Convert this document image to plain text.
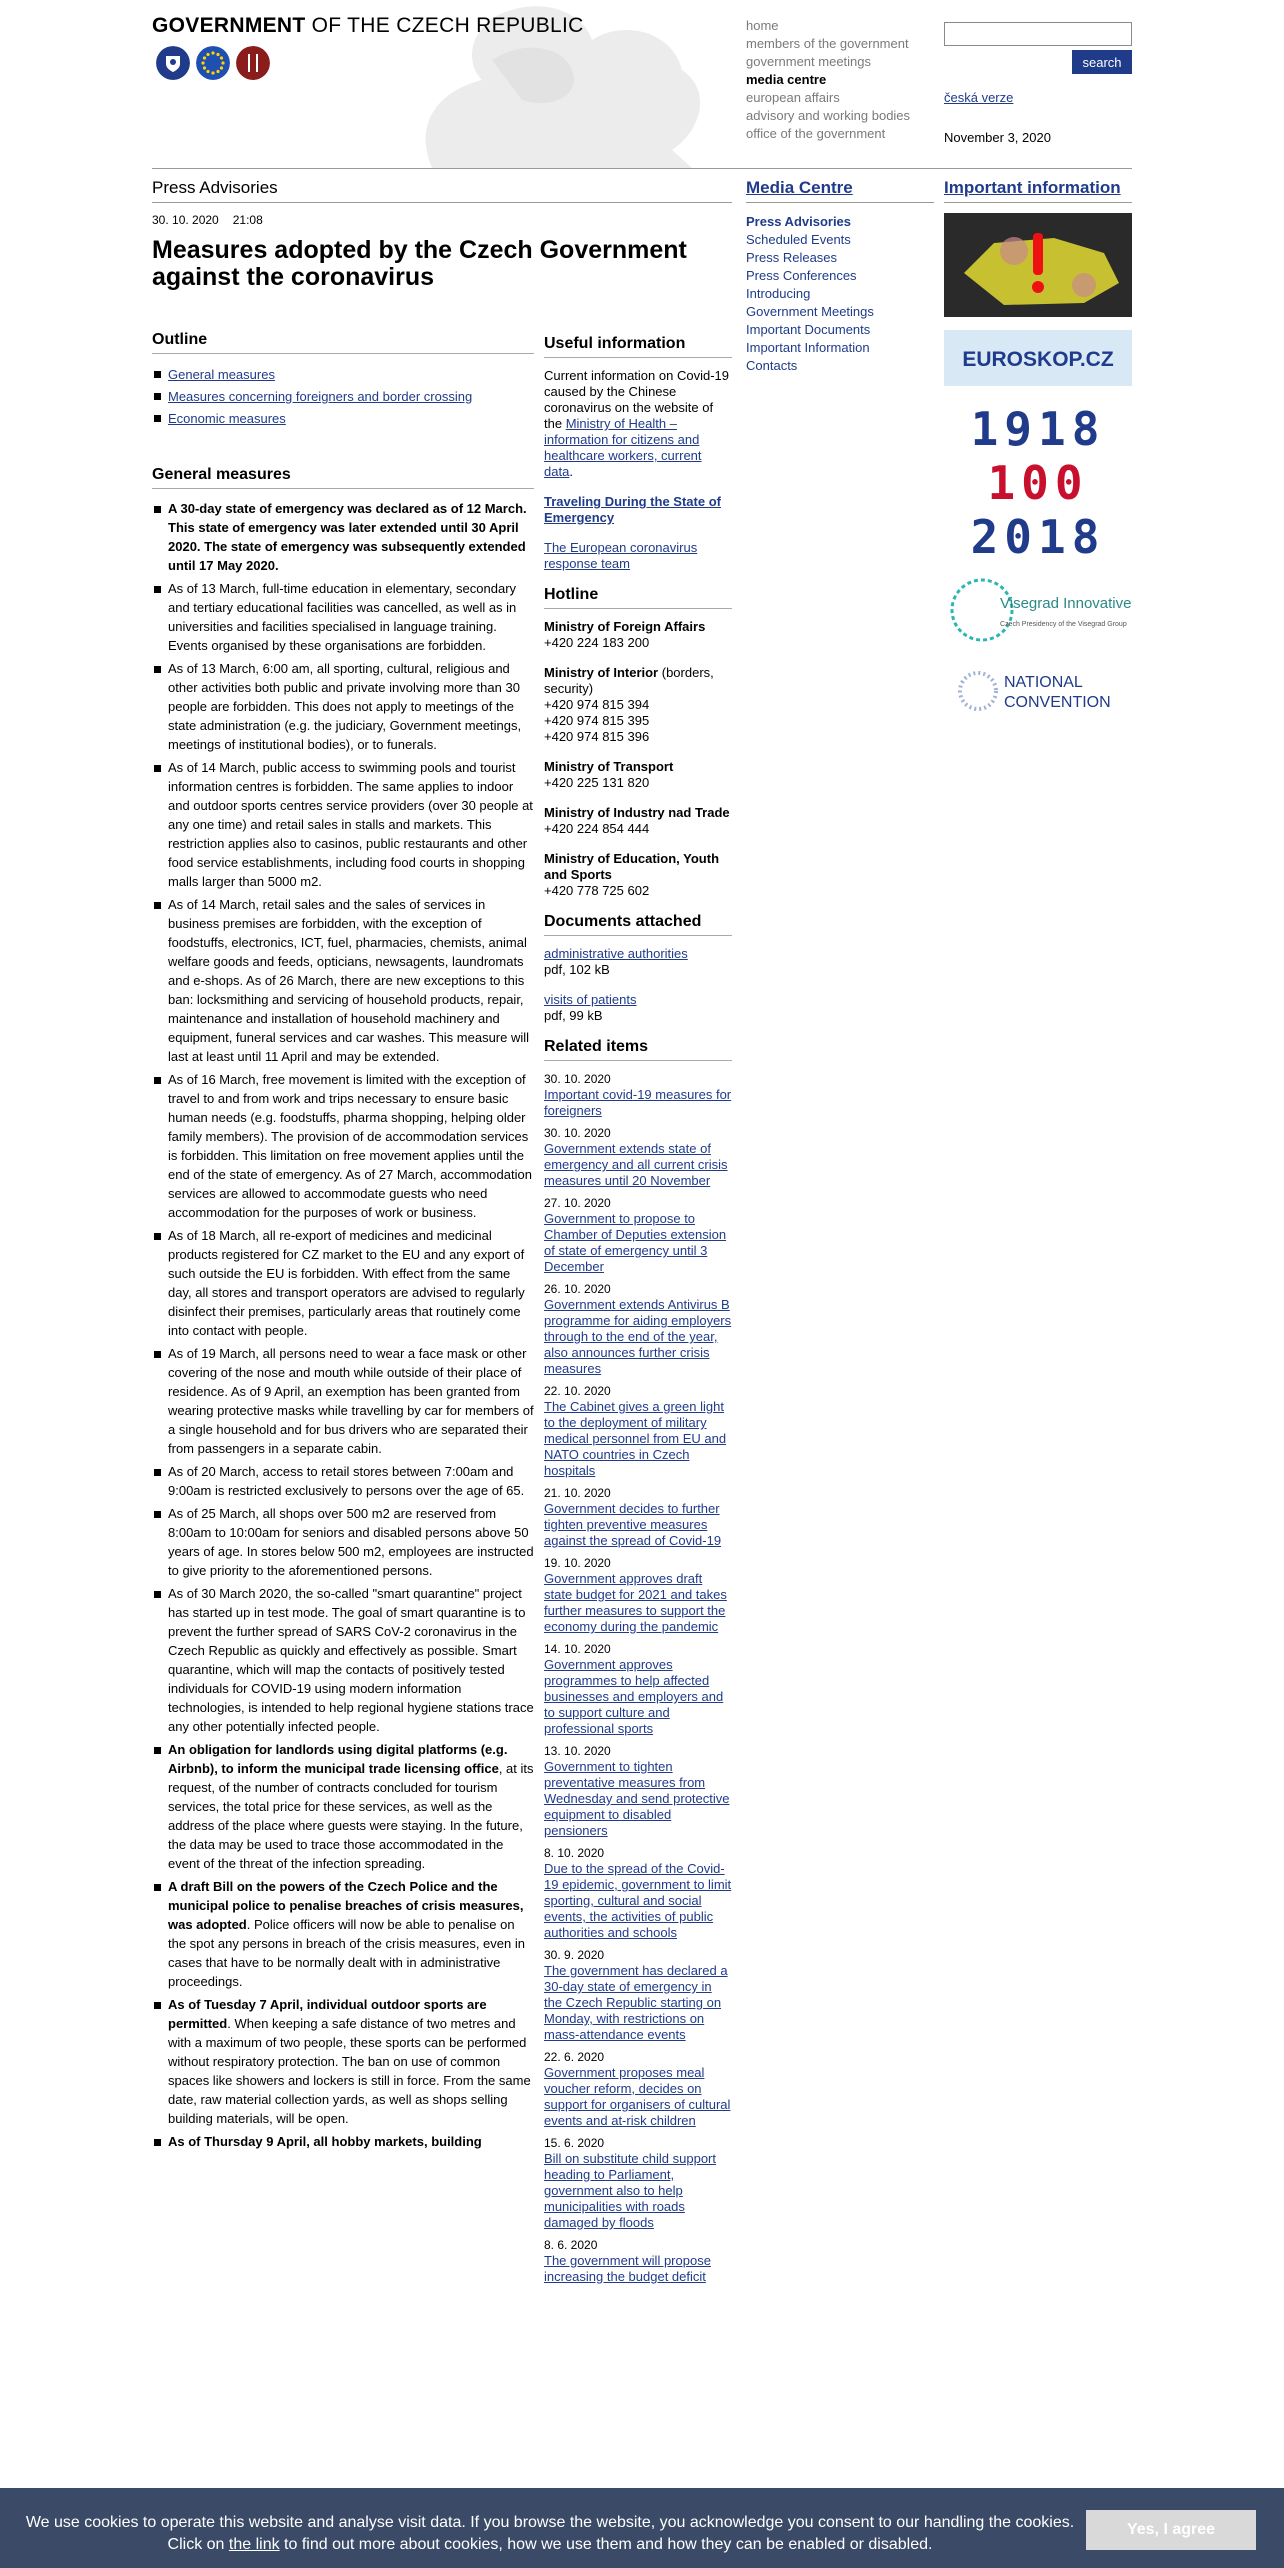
GOVERNMENT OF THE CZECH REPUBLIC	home
members of the government
government meetings
media centre
european affairs
advisory and working bodies
office of the government
search
česká verze
November 3, 2020
Press Advisories
30. 10. 2020 21:08
Measures adopted by the Czech Government against the coronavirus
Outline
General measures
Measures concerning foreigners and border crossing
Economic measures
General measures
A 30-day state of emergency was declared as of 12 March. This state of emergency was later extended until 30 April 2020. The state of emergency was subsequently extended until 17 May 2020.
As of 13 March, full-time education in elementary, secondary and tertiary educational facilities was cancelled, as well as in universities and facilities specialised in language training. Events organised by these organisations are forbidden.
As of 13 March, 6:00 am, all sporting, cultural, religious and other activities both public and private involving more than 30 people are forbidden. This does not apply to meetings of the state administration (e.g. the judiciary, Government meetings, meetings of institutional bodies), or to funerals.
As of 14 March, public access to swimming pools and tourist information centres is forbidden. The same applies to indoor and outdoor sports centres service providers (over 30 people at any one time) and retail sales in stalls and markets. This restriction applies also to casinos, public restaurants and other food service establishments, including food courts in shopping malls larger than 5000 m2.
As of 14 March, retail sales and the sales of services in business premises are forbidden, with the exception of foodstuffs, electronics, ICT, fuel, pharmacies, chemists, animal welfare goods and feeds, opticians, newsagents, laundromats and e-shops. As of 26 March, there are new exceptions to this ban: locksmithing and servicing of household products, repair, maintenance and installation of household machinery and equipment, funeral services and car washes. This measure will last at least until 11 April and may be extended.
As of 16 March, free movement is limited with the exception of travel to and from work and trips necessary to ensure basic human needs (e.g. foodstuffs, pharma shopping, helping older family members). The provision of de accommodation services is forbidden. This limitation on free movement applies until the end of the state of emergency. As of 27 March, accommodation services are allowed to accommodate guests who need accommodation for the purposes of work or business.
As of 18 March, all re-export of medicines and medicinal products registered for CZ market to the EU and any export of such outside the EU is forbidden. With effect from the same day, all stores and transport operators are advised to regularly disinfect their premises, particularly areas that routinely come into contact with people.
As of 19 March, all persons need to wear a face mask or other covering of the nose and mouth while outside of their place of residence. As of 9 April, an exemption has been granted from wearing protective masks while travelling by car for members of a single household and for bus drivers who are separated their from passengers in a separate cabin.
As of 20 March, access to retail stores between 7:00am and 9:00am is restricted exclusively to persons over the age of 65.
As of 25 March, all shops over 500 m2 are reserved from 8:00am to 10:00am for seniors and disabled persons above 50 years of age. In stores below 500 m2, employees are instructed to give priority to the aforementioned persons.
As of 30 March 2020, the so-called "smart quarantine" project has started up in test mode. The goal of smart quarantine is to prevent the further spread of SARS CoV-2 coronavirus in the Czech Republic as quickly and effectively as possible. Smart quarantine, which will map the contacts of positively tested individuals for COVID-19 using modern information technologies, is intended to help regional hygiene stations trace any other potentially infected people.
An obligation for landlords using digital platforms (e.g. Airbnb), to inform the municipal trade licensing office, at its request, of the number of contracts concluded for tourism services, the total price for these services, as well as the address of the place where guests were staying. In the future, the data may be used to trace those accommodated in the event of the threat of the infection spreading.
A draft Bill on the powers of the Czech Police and the municipal police to penalise breaches of crisis measures, was adopted. Police officers will now be able to penalise on the spot any persons in breach of the crisis measures, even in cases that have to be normally dealt with in administrative proceedings.
As of Tuesday 7 April, individual outdoor sports are permitted. When keeping a safe distance of two metres and with a maximum of two people, these sports can be performed without respiratory protection. The ban on use of common spaces like showers and lockers is still in force. From the same date, raw material collection yards, as well as shops selling building materials, will be open.
As of Thursday 9 April, all hobby markets, building
Useful information

Current information on Covid-19 caused by the Chinese coronavirus on the website of the Ministry of Health – information for citizens and healthcare workers, current data.

Traveling During the State of Emergency

The European coronavirus response team

Hotline

Ministry of Foreign Affairs
+420 224 183 200

Ministry of Interior (borders, security)
+420 974 815 394
+420 974 815 395
+420 974 815 396

Ministry of Transport
+420 225 131 820

Ministry of Industry nad Trade
+420 224 854 444

Ministry of Education, Youth and Sports
+420 778 725 602

Documents attached

administrative authorities
pdf, 102 kB

visits of patients
pdf, 99 kB

Related items
30. 10. 2020
Important covid-19 measures for foreigners
30. 10. 2020
Government extends state of emergency and all current crisis measures until 20 November
27. 10. 2020
Government to propose to Chamber of Deputies extension of state of emergency until 3 December
26. 10. 2020
Government extends Antivirus B programme for aiding employers through to the end of the year, also announces further crisis measures
22. 10. 2020
The Cabinet gives a green light to the deployment of military medical personnel from EU and NATO countries in Czech hospitals
21. 10. 2020
Government decides to further tighten preventive measures against the spread of Covid-19
19. 10. 2020
Government approves draft state budget for 2021 and takes further measures to support the economy during the pandemic
14. 10. 2020
Government approves programmes to help affected businesses and employers and to support culture and professional sports
13. 10. 2020
Government to tighten preventative measures from Wednesday and send protective equipment to disabled pensioners
8. 10. 2020
Due to the spread of the Covid-19 epidemic, government to limit sporting, cultural and social events, the activities of public authorities and schools
30. 9. 2020
The government has declared a 30-day state of emergency in the Czech Republic starting on Monday, with restrictions on mass-attendance events
22. 6. 2020
Government proposes meal voucher reform, decides on support for organisers of cultural events and at-risk children
15. 6. 2020
Bill on substitute child support heading to Parliament, government also to help municipalities with roads damaged by floods
8. 6. 2020
The government will propose increasing the budget deficit
Media Centre
Press Advisories
Scheduled Events
Press Releases
Press Conferences
Introducing
Government Meetings
Important Documents
Important Information
Contacts
Important information

EUROSKOP.CZ

1918
100
2018

Visegrad Innovative
Czech Presidency of the Visegrad Group

NATIONAL
CONVENTION

We use cookies to operate this website and analyse visit data. If you browse the website, you acknowledge you consent to our handling the cookies.
Click on the link to find out more about cookies, how we use them and how they can be enabled or disabled.

Yes, I agree
